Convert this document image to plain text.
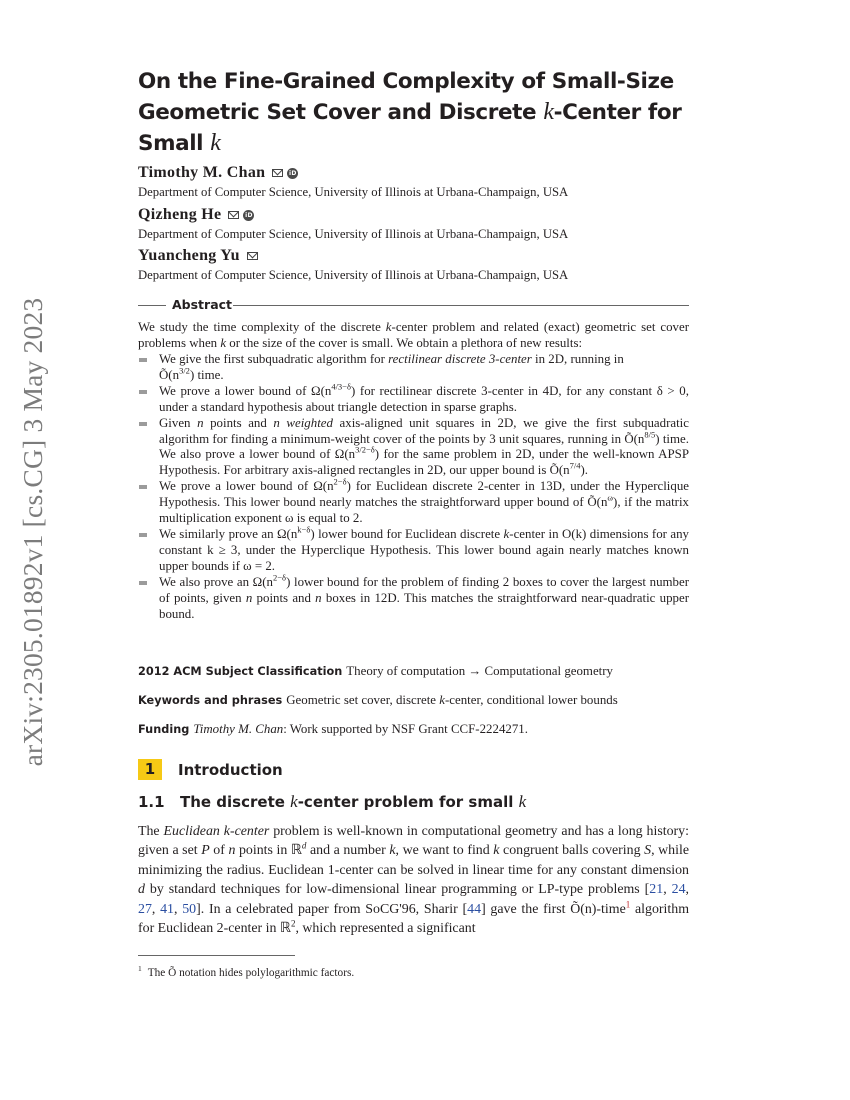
arXiv:2305.01892v1 [cs.CG] 3 May 2023
On the Fine-Grained Complexity of Small-Size
Geometric Set Cover and Discrete k-Center for
Small k
Timothy M. Chan	iD
Department of Computer Science, University of Illinois at Urbana-Champaign, USA
Qizheng He	iD
Department of Computer Science, University of Illinois at Urbana-Champaign, USA
Yuancheng Yu
Department of Computer Science, University of Illinois at Urbana-Champaign, USA
Abstract

We study the time complexity of the discrete k-center problem and related (exact) geometric set cover problems when k or the size of the cover is small. We obtain a plethora of new results:

We give the first subquadratic algorithm for rectilinear discrete 3-center in 2D, running in
$Õ(n^{3/2})$ time.
We prove a lower bound of $\Omega(n^{4/3-\delta})$ for rectilinear discrete 3-center in 4D, for any constant δ > 0, under a standard hypothesis about triangle detection in sparse graphs.
Given n points and n weighted axis-aligned unit squares in 2D, we give the first subquadratic algorithm for finding a minimum-weight cover of the points by 3 unit squares, running in $Õ(n^{8/5})$ time. We also prove a lower bound of $\Omega(n^{3/2-\delta})$ for the same problem in 2D, under the well-known APSP Hypothesis. For arbitrary axis-aligned rectangles in 2D, our upper bound is $Õ(n^{7/4})$.
We prove a lower bound of $\Omega(n^{2-\delta})$ for Euclidean discrete 2-center in 13D, under the Hyperclique Hypothesis. This lower bound nearly matches the straightforward upper bound of $Õ(n^\omega)$, if the matrix multiplication exponent ω is equal to 2.
We similarly prove an $\Omega(n^{k-\delta})$ lower bound for Euclidean discrete k-center in O(k) dimensions for any constant k ≥ 3, under the Hyperclique Hypothesis. This lower bound again nearly matches known upper bounds if ω = 2.
We also prove an $\Omega(n^{2-\delta})$ lower bound for the problem of finding 2 boxes to cover the largest number of points, given n points and n boxes in 12D. This matches the straightforward near-quadratic upper bound.
2012 ACM Subject Classification Theory of computation → Computational geometry
Keywords and phrases Geometric set cover, discrete k-center, conditional lower bounds
Funding Timothy M. Chan: Work supported by NSF Grant CCF-2224271.
1	Introduction
1.1 The discrete k-center problem for small k

The Euclidean k-center problem is well-known in computational geometry and has a long history: given a set P of n points in ℝ$^d$ and a number k, we want to find k congruent balls covering S, while minimizing the radius. Euclidean 1-center can be solved in linear time for any constant dimension d by standard techniques for low-dimensional linear programming or LP-type problems [21, 24, 27, 41, 50]. In a celebrated paper from SoCG'96, Sharir [44] gave the first Õ(n)-time$^1$ algorithm for Euclidean 2-center in ℝ$^2$, which represented a significant

$^1$ The Õ notation hides polylogarithmic factors.
